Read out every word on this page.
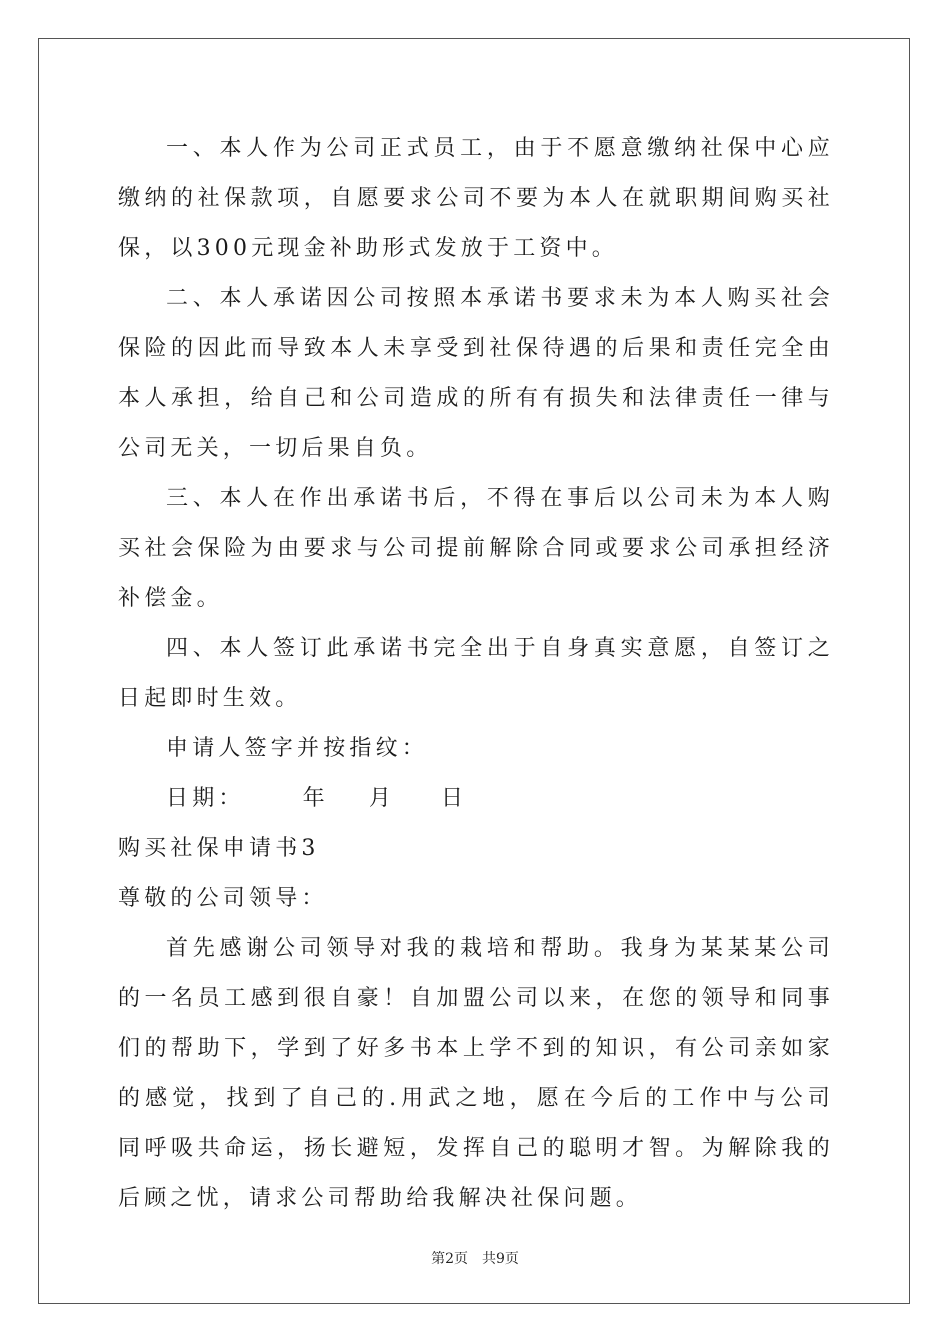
一、本人作为公司正式员工，由于不愿意缴纳社保中心应缴纳的社保款项，自愿要求公司不要为本人在就职期间购买社保，以300元现金补助形式发放于工资中。

二、本人承诺因公司按照本承诺书要求未为本人购买社会保险的因此而导致本人未享受到社保待遇的后果和责任完全由本人承担，给自己和公司造成的所有有损失和法律责任一律与公司无关，一切后果自负。

三、本人在作出承诺书后，不得在事后以公司未为本人购买社会保险为由要求与公司提前解除合同或要求公司承担经济补偿金。

四、本人签订此承诺书完全出于自身真实意愿，自签订之日起即时生效。

申请人签字并按指纹：

日期：	年 月 日

购买社保申请书3

尊敬的公司领导：

首先感谢公司领导对我的栽培和帮助。我身为某某某公司的一名员工感到很自豪！自加盟公司以来，在您的领导和同事们的帮助下，学到了好多书本上学不到的知识，有公司亲如家的感觉，找到了自己的.用武之地，愿在今后的工作中与公司同呼吸共命运，扬长避短，发挥自己的聪明才智。为解除我的后顾之忧，请求公司帮助给我解决社保问题。

第2页 共9页
